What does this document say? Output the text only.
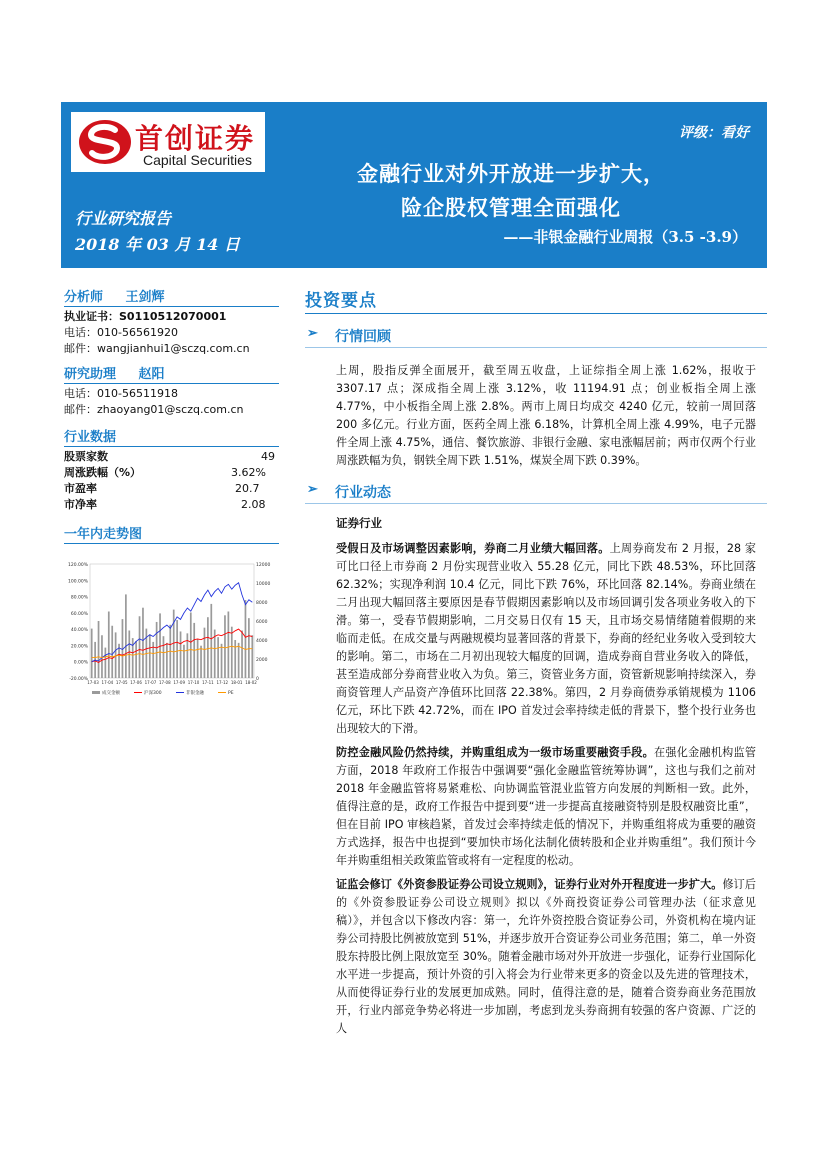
首创证券
Capital Securities
评级：看好
金融行业对外开放进一步扩大，
险企股权管理全面强化
——非银金融行业周报（3.5 -3.9）
行业研究报告
2018 年 03 月 14 日
分析师 王剑辉
执业证书：S0110512070001
电话：010-56561920
邮件：wangjianhui1@sczq.com.cn
研究助理 赵阳
电话：010-56511918
邮件：zhaoyang01@sczq.com.cn
行业数据
股票家数	49
周涨跌幅（%）	3.62%
市盈率	20.7
市净率	2.08
一年内走势图
120.00%
100.00%
80.00%
60.00%
40.00%
20.00%
0.00%
-20.00%
12000
10000
8000
6000
4000
2000
0
17-03 17-04 17-05 17-06 17-07 17-08 17-09 17-10 17-11 17-12 18-01 18-02
成交金额	沪深300	非银金融	PE
投资要点
➢ 行情回顾
上周，股指反弹全面展开，截至周五收盘，上证综指全周上涨 1.62%，报收于 3307.17 点；深成指全周上涨 3.12%，收 11194.91 点；创业板指全周上涨 4.77%，中小板指全周上涨 2.8%。两市上周日均成交 4240 亿元，较前一周回落 200 多亿元。行业方面，医药全周上涨 6.18%，计算机全周上涨 4.99%，电子元器件全周上涨 4.75%，通信、餐饮旅游、非银行金融、家电涨幅居前；两市仅两个行业周涨跌幅为负，钢铁全周下跌 1.51%，煤炭全周下跌 0.39%。
➢ 行业动态
证券行业
受假日及市场调整因素影响，券商二月业绩大幅回落。上周券商发布 2 月报，28 家可比口径上市券商 2 月份实现营业收入 55.28 亿元，同比下跌 48.53%，环比回落 62.32%；实现净利润 10.4 亿元，同比下跌 76%，环比回落 82.14%。券商业绩在二月出现大幅回落主要原因是春节假期因素影响以及市场回调引发各项业务收入的下滑。第一，受春节假期影响，二月交易日仅有 15 天，且市场交易情绪随着假期的来临而走低。在成交量与两融规模均显著回落的背景下，券商的经纪业务收入受到较大的影响。第二，市场在二月初出现较大幅度的回调，造成券商自营业务收入的降低，甚至造成部分券商营业收入为负。第三，资管业务方面，资管新规影响持续深入，券商资管理人产品资产净值环比回落 22.38%。第四，2 月券商债券承销规模为 1106 亿元，环比下跌 42.72%，而在 IPO 首发过会率持续走低的背景下，整个投行业务也出现较大的下滑。
防控金融风险仍然持续，并购重组成为一级市场重要融资手段。在强化金融机构监管方面，2018 年政府工作报告中强调要“强化金融监管统筹协调”，这也与我们之前对 2018 年金融监管将易紧难松、向协调监管混业监管方向发展的判断相一致。此外，值得注意的是，政府工作报告中提到要“进一步提高直接融资特别是股权融资比重”，但在目前 IPO 审核趋紧，首发过会率持续走低的情况下，并购重组将成为重要的融资方式选择，报告中也提到“要加快市场化法制化债转股和企业并购重组”。我们预计今年并购重组相关政策监管或将有一定程度的松动。
证监会修订《外资参股证券公司设立规则》，证券行业对外开程度进一步扩大。修订后的《外资参股证券公司设立规则》拟以《外商投资证券公司管理办法（征求意见稿）》，并包含以下修改内容：第一，允许外资控股合资证券公司，外资机构在境内证券公司持股比例被放宽到 51%，并逐步放开合资证券公司业务范围；第二，单一外资股东持股比例上限放宽至 30%。随着金融市场对外开放进一步强化，证券行业国际化水平进一步提高，预计外资的引入将会为行业带来更多的资金以及先进的管理技术，从而使得证券行业的发展更加成熟。同时，值得注意的是，随着合资券商业务范围放开，行业内部竞争势必将进一步加剧，考虑到龙头券商拥有较强的客户资源、广泛的人
